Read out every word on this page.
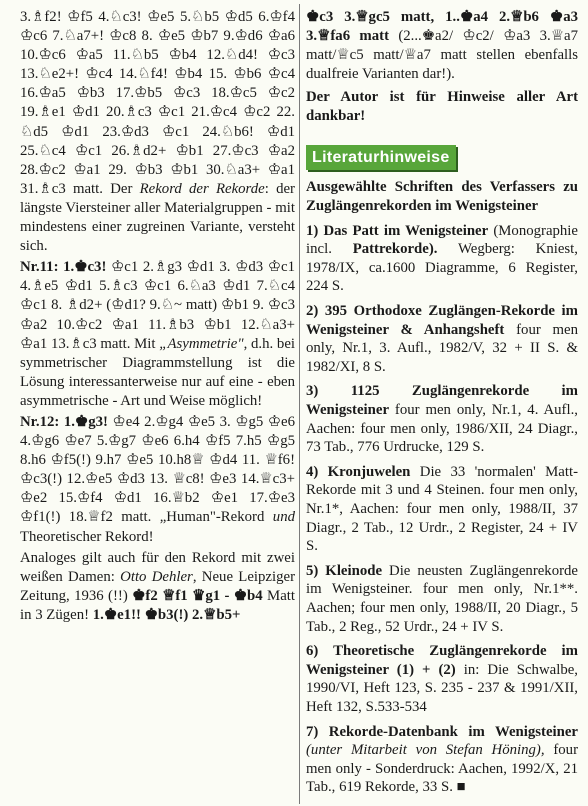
3.♗f2! ♔f5 4.♘c3! ♔e5 5.♘b5 ♔d5 6.♔f4 ♔c6 7.♘a7+! ♔c8 8. ♔e5 ♔b7 9.♔d6 ♔a6 10.♔c6 ♔a5 11.♘b5 ♔b4 12.♘d4! ♔c3 13.♘e2+! ♔c4 14.♘f4! ♔b4 15. ♔b6 ♔c4 16.♔a5 ♔b3 17.♔b5 ♔c3 18.♔c5 ♔c2 19.♗e1 ♔d1 20.♗c3 ♔c1 21.♔c4 ♔c2 22. ♘d5 ♔d1 23.♔d3 ♔c1 24.♘b6! ♔d1 25.♘c4 ♔c1 26.♗d2+ ♔b1 27.♔c3 ♔a2 28.♔c2 ♔a1 29. ♔b3 ♔b1 30.♘a3+ ♔a1 31.♗c3 matt. Der Rekord der Rekorde: der längste Viersteiner aller Materialgruppen - mit mindestens einer zugreinen Variante, versteht sich.

Nr.11: 1.♚c3! ♔c1 2.♗g3 ♔d1 3. ♔d3 ♔c1 4.♗e5 ♔d1 5.♗c3 ♔c1 6.♘a3 ♔d1 7.♘c4 ♔c1 8. ♗d2+ (♔d1? 9.♘~ matt) ♔b1 9. ♔c3 ♔a2 10.♔c2 ♔a1 11.♗b3 ♔b1 12.♘a3+ ♔a1 13.♗c3 matt. Mit „Asymmetrie", d.h. bei symmetrischer Diagrammstellung ist die Lösung interessanterweise nur auf eine - eben asymmetrische - Art und Weise möglich!

Nr.12: 1.♚g3! ♔e4 2.♔g4 ♔e5 3. ♔g5 ♔e6 4.♔g6 ♔e7 5.♔g7 ♔e6 6.h4 ♔f5 7.h5 ♔g5 8.h6 ♔f5(!) 9.h7 ♔e5 10.h8♕ ♔d4 11. ♕f6! ♔c3(!) 12.♔e5 ♔d3 13. ♕c8! ♔e3 14.♕c3+ ♔e2 15.♔f4 ♔d1 16.♕b2 ♔e1 17.♔e3 ♔f1(!) 18.♕f2 matt. „Human"-Rekord und Theoretischer Rekord!

Analoges gilt auch für den Rekord mit zwei weißen Damen: Otto Dehler, Neue Leipziger Zeitung, 1936 (!!) ♚f2 ♕f1 ♛g1 - ♚b4 Matt in 3 Zügen! 1.♚e1!! ♚b3(!) 2.♕b5+

♚c3 3.♕gc5 matt, 1..♚a4 2.♕b6 ♚a3 3.♕fa6 matt (2...♚a2/ ♔c2/ ♔a3 3.♕a7 matt/♕c5 matt/♕a7 matt stellen ebenfalls dualfreie Varianten dar!).

Der Autor ist für Hinweise aller Art dankbar!

Literaturhinweise

Ausgewählte Schriften des Verfassers zu Zuglängenrekorden im Wenigsteiner

1) Das Patt im Wenigsteiner (Monographie incl. Pattrekorde). Wegberg: Kniest, 1978/IX, ca.1600 Diagramme, 6 Register, 224 S.
2) 395 Orthodoxe Zuglängen-Rekorde im Wenigsteiner & Anhangsheft four men only, Nr.1, 3. Aufl., 1982/V, 32 + II S. & 1982/XI, 8 S.
3) 1125 Zuglängenrekorde im Wenigsteiner four men only, Nr.1, 4. Aufl., Aachen: four men only, 1986/XII, 24 Diagr., 73 Tab., 776 Urdrucke, 129 S.
4) Kronjuwelen Die 33 'normalen' Matt-Rekorde mit 3 und 4 Steinen. four men only, Nr.1*, Aachen: four men only, 1988/II, 37 Diagr., 2 Tab., 12 Urdr., 2 Register, 24 + IV S.
5) Kleinode Die neusten Zuglängenrekorde im Wenigsteiner. four men only, Nr.1**. Aachen; four men only, 1988/II, 20 Diagr., 5 Tab., 2 Reg., 52 Urdr., 24 + IV S.
6) Theoretische Zuglängenrekorde im Wenigsteiner (1) + (2) in: Die Schwalbe, 1990/VI, Heft 123, S. 235 - 237 & 1991/XII, Heft 132, S.533-534
7) Rekorde-Datenbank im Wenigsteiner (unter Mitarbeit von Stefan Höning), four men only - Sonderdruck: Aachen, 1992/X, 21 Tab., 619 Rekorde, 33 S. ■
